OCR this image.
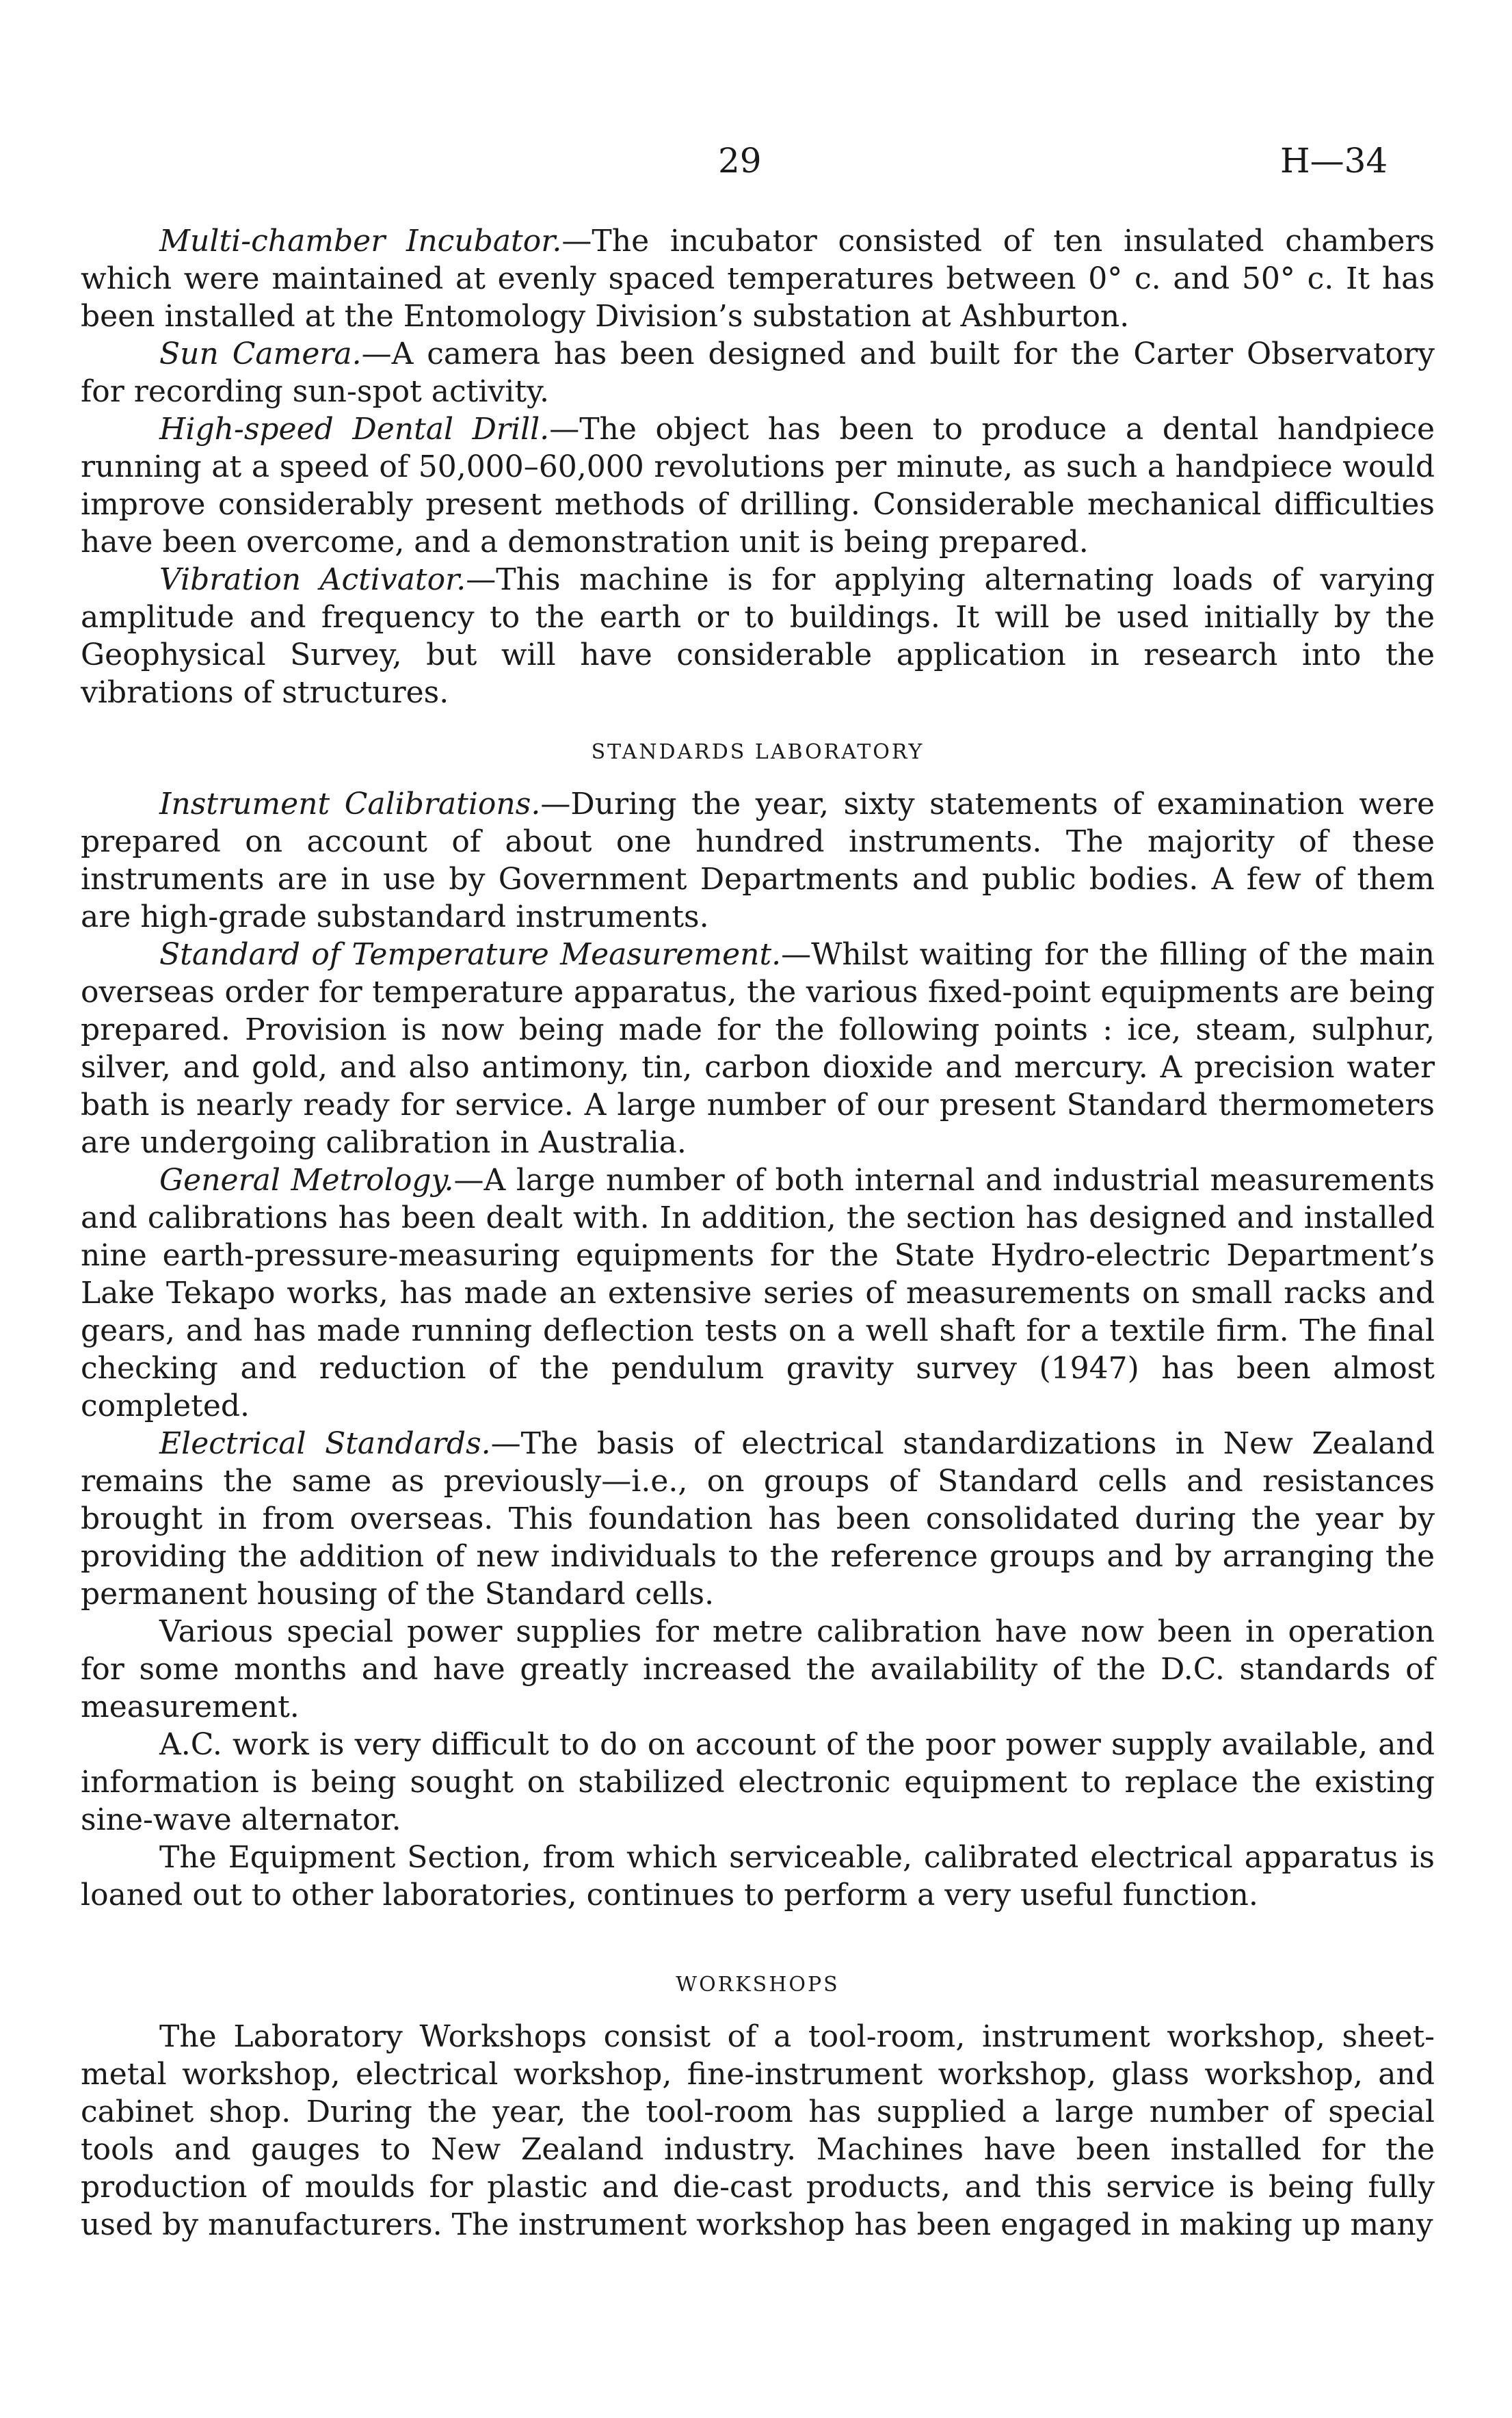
29	H—34

Multi-chamber Incubator.—The incubator consisted of ten insulated chambers which were maintained at evenly spaced temperatures between 0° c. and 50° c. It has been installed at the Entomology Division’s substation at Ashburton.

Sun Camera.—A camera has been designed and built for the Carter Observatory for recording sun-spot activity.

High-speed Dental Drill.—The object has been to produce a dental handpiece running at a speed of 50,000–60,000 revolutions per minute, as such a handpiece would improve considerably present methods of drilling. Considerable mechanical difficulties have been overcome, and a demonstration unit is being prepared.

Vibration Activator.—This machine is for applying alternating loads of varying amplitude and frequency to the earth or to buildings. It will be used initially by the Geophysical Survey, but will have considerable application in research into the vibrations of structures.

STANDARDS LABORATORY

Instrument Calibrations.—During the year, sixty statements of examination were prepared on account of about one hundred instruments. The majority of these instruments are in use by Government Departments and public bodies. A few of them are high-grade substandard instruments.

Standard of Temperature Measurement.—Whilst waiting for the filling of the main overseas order for temperature apparatus, the various fixed-point equipments are being prepared. Provision is now being made for the following points : ice, steam, sulphur, silver, and gold, and also antimony, tin, carbon dioxide and mercury. A precision water bath is nearly ready for service. A large number of our present Standard thermometers are undergoing calibration in Australia.

General Metrology.—A large number of both internal and industrial measurements and calibrations has been dealt with. In addition, the section has designed and installed nine earth-pressure-measuring equipments for the State Hydro-electric Department’s Lake Tekapo works, has made an extensive series of measurements on small racks and gears, and has made running deflection tests on a well shaft for a textile firm. The final checking and reduction of the pendulum gravity survey (1947) has been almost completed.

Electrical Standards.—The basis of electrical standardizations in New Zealand remains the same as previously—i.e., on groups of Standard cells and resistances brought in from overseas. This foundation has been consolidated during the year by providing the addition of new individuals to the reference groups and by arranging the permanent housing of the Standard cells.

Various special power supplies for metre calibration have now been in operation for some months and have greatly increased the availability of the D.C. standards of measurement.

A.C. work is very difficult to do on account of the poor power supply available, and information is being sought on stabilized electronic equipment to replace the existing sine-wave alternator.

The Equipment Section, from which serviceable, calibrated electrical apparatus is loaned out to other laboratories, continues to perform a very useful function.

WORKSHOPS

The Laboratory Workshops consist of a tool-room, instrument workshop, sheet-metal workshop, electrical workshop, fine-instrument workshop, glass workshop, and cabinet shop. During the year, the tool-room has supplied a large number of special tools and gauges to New Zealand industry. Machines have been installed for the production of moulds for plastic and die-cast products, and this service is being fully used by manufacturers. The instrument workshop has been engaged in making up many
